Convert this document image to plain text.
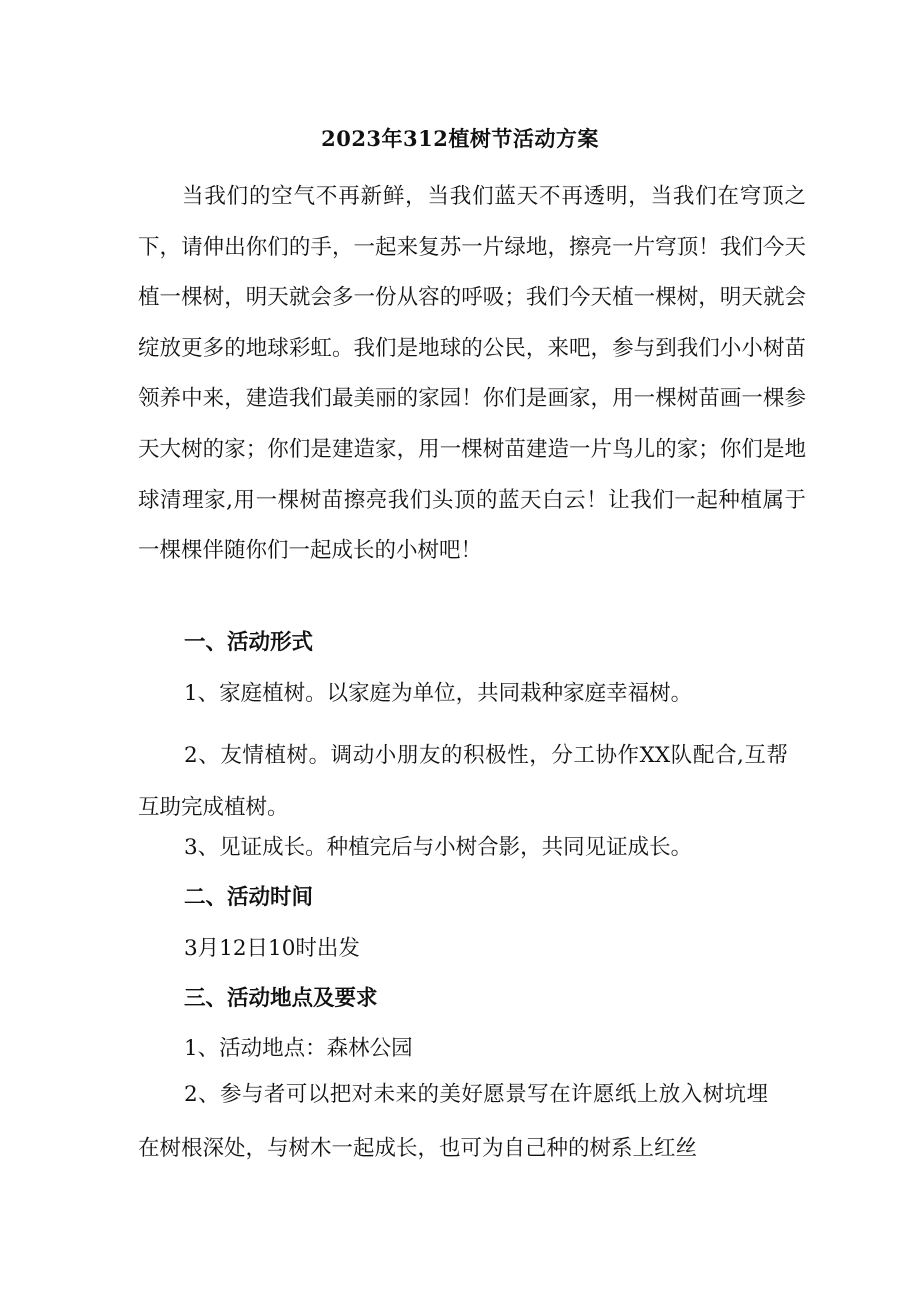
2023年312植树节活动方案

当我们的空气不再新鲜，当我们蓝天不再透明，当我们在穹顶之下，请伸出你们的手，一起来复苏一片绿地，擦亮一片穹顶！我们今天植一棵树，明天就会多一份从容的呼吸；我们今天植一棵树，明天就会绽放更多的地球彩虹。我们是地球的公民，来吧，参与到我们小小树苗领养中来，建造我们最美丽的家园！你们是画家，用一棵树苗画一棵参天大树的家；你们是建造家，用一棵树苗建造一片鸟儿的家；你们是地球清理家,用一棵树苗擦亮我们头顶的蓝天白云！让我们一起种植属于一棵棵伴随你们一起成长的小树吧！

一、活动形式
1、家庭植树。以家庭为单位，共同栽种家庭幸福树。

2、友情植树。调动小朋友的积极性，分工协作XX队配合,互帮互助完成植树。

3、见证成长。种植完后与小树合影，共同见证成长。
二、活动时间
3月12日10时出发
三、活动地点及要求
1、活动地点：森林公园

2、参与者可以把对未来的美好愿景写在许愿纸上放入树坑埋在树根深处，与树木一起成长，也可为自己种的树系上红丝
